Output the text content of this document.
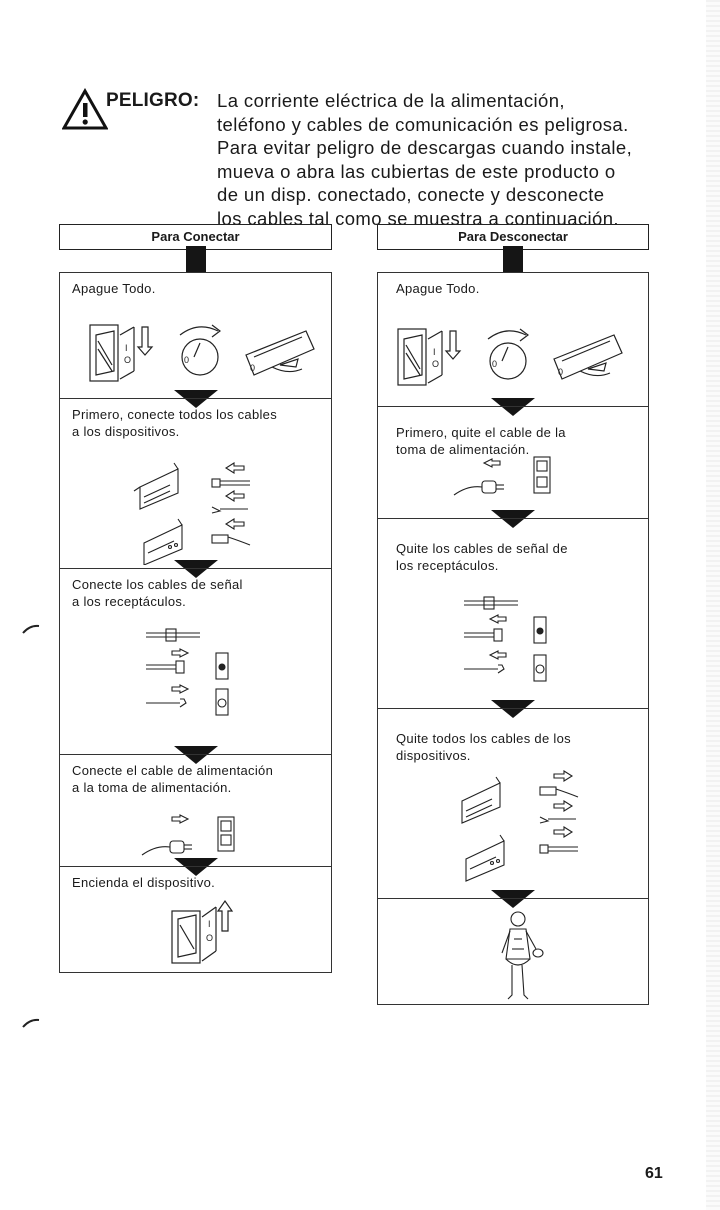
PELIGRO: La corriente eléctrica de la alimentación,
teléfono y cables de comunicación es peligrosa.
Para evitar peligro de descargas cuando instale,
mueva o abra las cubiertas de este producto o
de un disp. conectado, conecte y desconecte
los cables tal como se muestra a continuación.
Para Conectar
Apague Todo.
I
O	0
0
Primero, conecte todos los cables
a los dispositivos.
Conecte los cables de señal
a los receptáculos.
Conecte el cable de alimentación
a la toma de alimentación.
Encienda el dispositivo.
I
O
Para Desconectar
Apague Todo.
I
O	0
0
Primero, quite el cable de la
toma de alimentación.
Quite los cables de señal de
los receptáculos.
Quite todos los cables de los
dispositivos.
61
